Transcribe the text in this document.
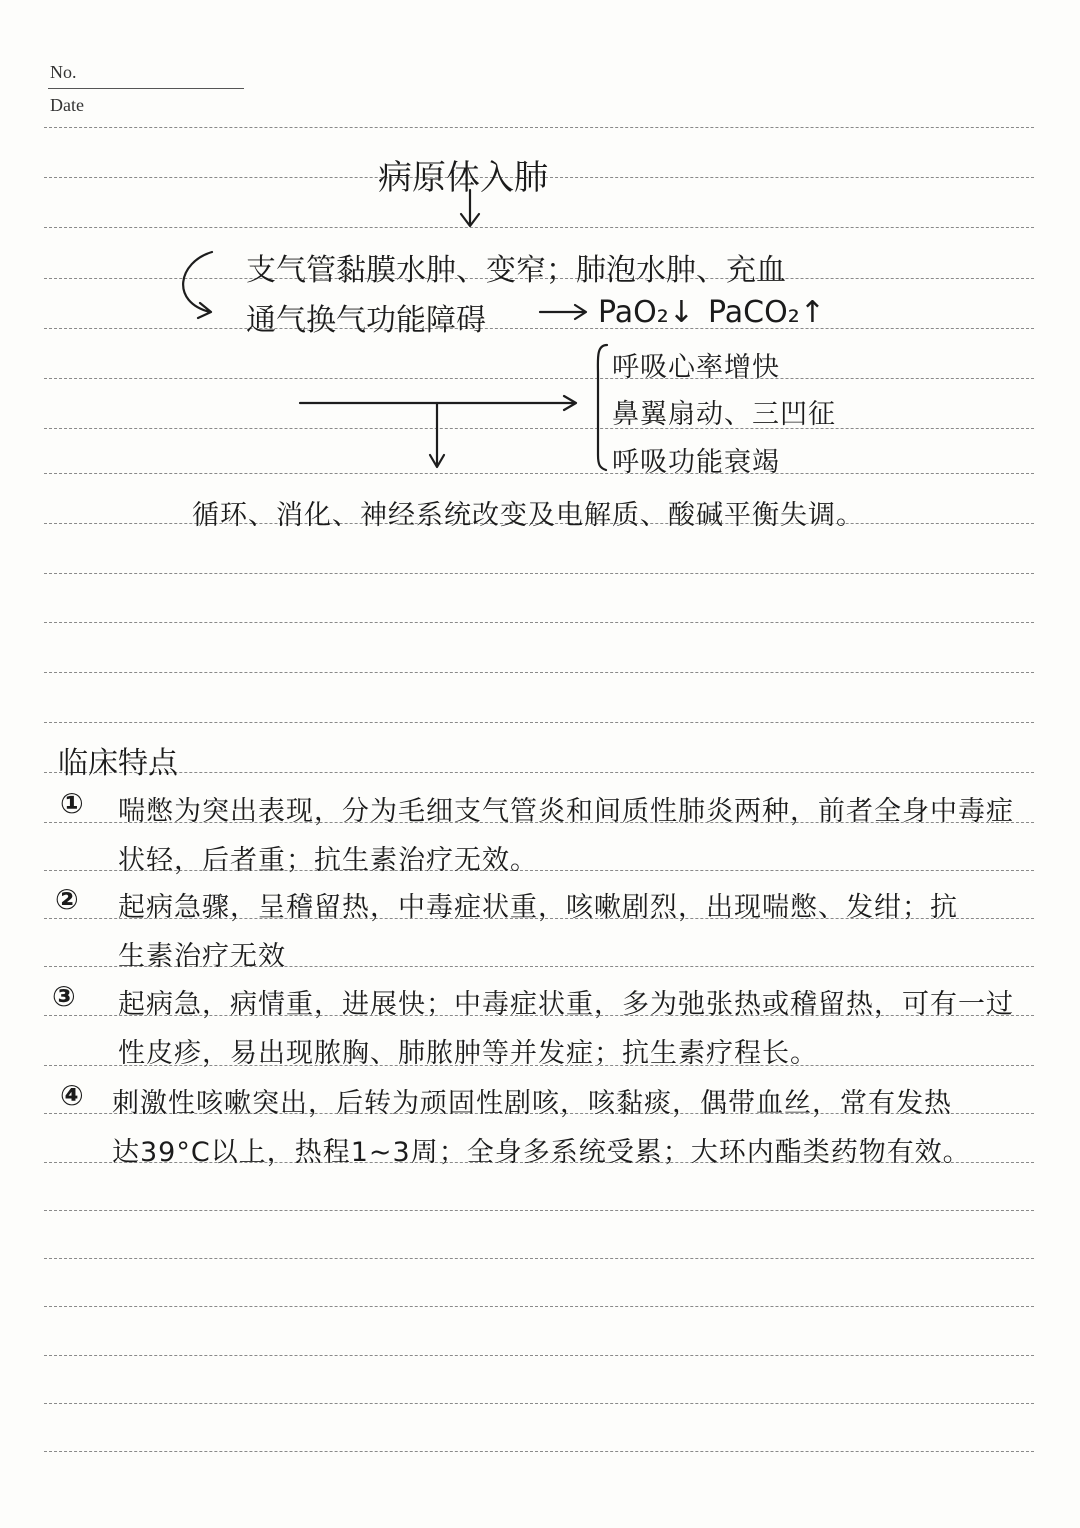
No.
Date
病原体入肺
支气管黏膜水肿、变窄；肺泡水肿、充血
通气换气功能障碍	PaO₂↓ PaCO₂↑
呼吸心率增快
鼻翼扇动、三凹征
呼吸功能衰竭
循环、消化、神经系统改变及电解质、酸碱平衡失调。
临床特点
① 喘憋为突出表现，分为毛细支气管炎和间质性肺炎两种，前者全身中毒症
状轻，后者重；抗生素治疗无效。
② 起病急骤，呈稽留热，中毒症状重，咳嗽剧烈，出现喘憋、发绀；抗
生素治疗无效
③ 起病急，病情重，进展快；中毒症状重，多为弛张热或稽留热，可有一过
性皮疹，易出现脓胸、肺脓肿等并发症；抗生素疗程长。
④ 刺激性咳嗽突出，后转为顽固性剧咳，咳黏痰，偶带血丝，常有发热
达39°C以上，热程1~3周；全身多系统受累；大环内酯类药物有效。
